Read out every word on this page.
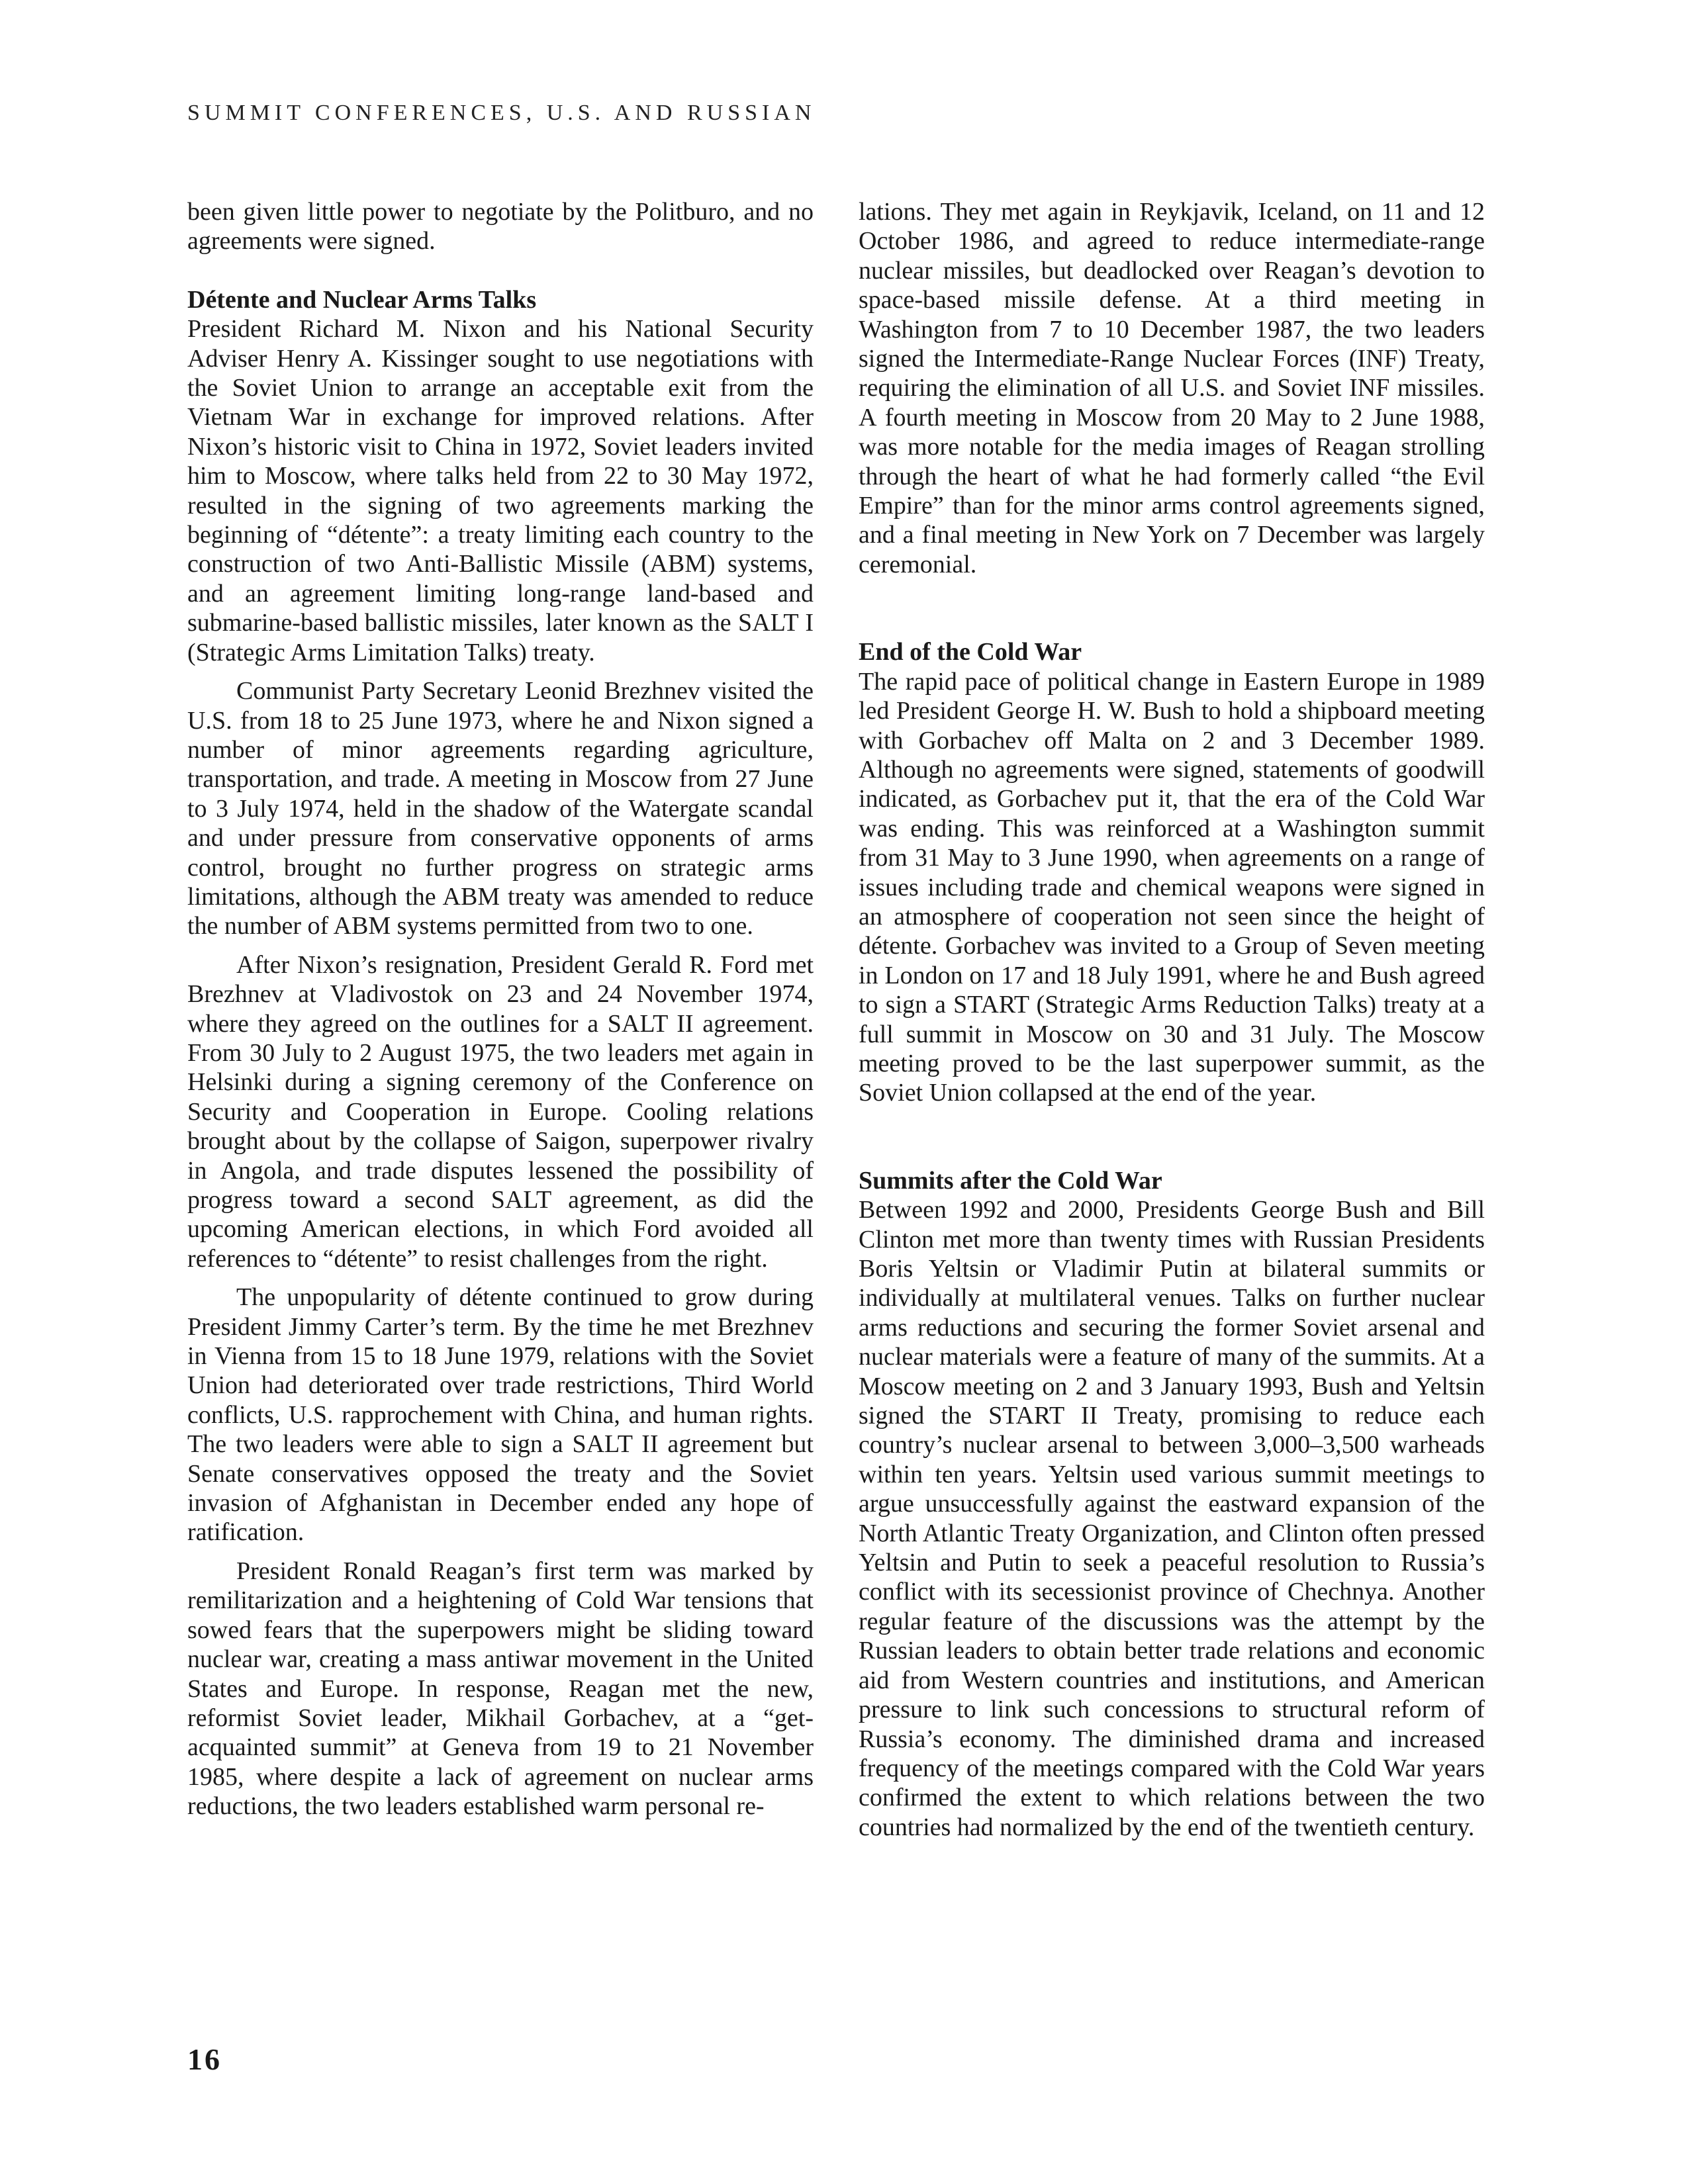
SUMMIT CONFERENCES, U.S. AND RUSSIAN

been given little power to negotiate by the Politburo, and no agreements were signed.

Détente and Nuclear Arms Talks

President Richard M. Nixon and his National Security Adviser Henry A. Kissinger sought to use negotiations with the Soviet Union to arrange an acceptable exit from the Vietnam War in exchange for improved relations. After Nixon’s historic visit to China in 1972, Soviet leaders invited him to Moscow, where talks held from 22 to 30 May 1972, resulted in the signing of two agreements marking the beginning of “détente”: a treaty limiting each country to the construction of two Anti-Ballistic Missile (ABM) systems, and an agreement limiting long-range land-based and submarine-based ballistic missiles, later known as the SALT I (Strategic Arms Limitation Talks) treaty.

Communist Party Secretary Leonid Brezhnev visited the U.S. from 18 to 25 June 1973, where he and Nixon signed a number of minor agreements regarding agriculture, transportation, and trade. A meeting in Moscow from 27 June to 3 July 1974, held in the shadow of the Watergate scandal and under pressure from conservative opponents of arms control, brought no further progress on strategic arms limitations, although the ABM treaty was amended to reduce the number of ABM systems permitted from two to one.

After Nixon’s resignation, President Gerald R. Ford met Brezhnev at Vladivostok on 23 and 24 November 1974, where they agreed on the outlines for a SALT II agreement. From 30 July to 2 August 1975, the two leaders met again in Helsinki during a signing ceremony of the Conference on Security and Cooperation in Europe. Cooling relations brought about by the collapse of Saigon, superpower rivalry in Angola, and trade disputes lessened the possibility of progress toward a second SALT agreement, as did the upcoming American elections, in which Ford avoided all references to “détente” to resist challenges from the right.

The unpopularity of détente continued to grow during President Jimmy Carter’s term. By the time he met Brezhnev in Vienna from 15 to 18 June 1979, relations with the Soviet Union had deteriorated over trade restrictions, Third World conflicts, U.S. rapprochement with China, and human rights. The two leaders were able to sign a SALT II agreement but Senate conservatives opposed the treaty and the Soviet invasion of Afghanistan in December ended any hope of ratification.

President Ronald Reagan’s first term was marked by remilitarization and a heightening of Cold War tensions that sowed fears that the superpowers might be sliding toward nuclear war, creating a mass antiwar movement in the United States and Europe. In response, Reagan met the new, reformist Soviet leader, Mikhail Gorbachev, at a “get-acquainted summit” at Geneva from 19 to 21 November 1985, where despite a lack of agreement on nuclear arms reductions, the two leaders established warm personal re-

lations. They met again in Reykjavik, Iceland, on 11 and 12 October 1986, and agreed to reduce intermediate-range nuclear missiles, but deadlocked over Reagan’s devotion to space-based missile defense. At a third meeting in Washington from 7 to 10 December 1987, the two leaders signed the Intermediate-Range Nuclear Forces (INF) Treaty, requiring the elimination of all U.S. and Soviet INF missiles. A fourth meeting in Moscow from 20 May to 2 June 1988, was more notable for the media images of Reagan strolling through the heart of what he had formerly called “the Evil Empire” than for the minor arms control agreements signed, and a final meeting in New York on 7 December was largely ceremonial.

End of the Cold War

The rapid pace of political change in Eastern Europe in 1989 led President George H. W. Bush to hold a shipboard meeting with Gorbachev off Malta on 2 and 3 December 1989. Although no agreements were signed, statements of goodwill indicated, as Gorbachev put it, that the era of the Cold War was ending. This was reinforced at a Washington summit from 31 May to 3 June 1990, when agreements on a range of issues including trade and chemical weapons were signed in an atmosphere of cooperation not seen since the height of détente. Gorbachev was invited to a Group of Seven meeting in London on 17 and 18 July 1991, where he and Bush agreed to sign a START (Strategic Arms Reduction Talks) treaty at a full summit in Moscow on 30 and 31 July. The Moscow meeting proved to be the last superpower summit, as the Soviet Union collapsed at the end of the year.

Summits after the Cold War

Between 1992 and 2000, Presidents George Bush and Bill Clinton met more than twenty times with Russian Presidents Boris Yeltsin or Vladimir Putin at bilateral summits or individually at multilateral venues. Talks on further nuclear arms reductions and securing the former Soviet arsenal and nuclear materials were a feature of many of the summits. At a Moscow meeting on 2 and 3 January 1993, Bush and Yeltsin signed the START II Treaty, promising to reduce each country’s nuclear arsenal to between 3,000–3,500 warheads within ten years. Yeltsin used various summit meetings to argue unsuccessfully against the eastward expansion of the North Atlantic Treaty Organization, and Clinton often pressed Yeltsin and Putin to seek a peaceful resolution to Russia’s conflict with its secessionist province of Chechnya. Another regular feature of the discussions was the attempt by the Russian leaders to obtain better trade relations and economic aid from Western countries and institutions, and American pressure to link such concessions to structural reform of Russia’s economy. The diminished drama and increased frequency of the meetings compared with the Cold War years confirmed the extent to which relations between the two countries had normalized by the end of the twentieth century.

16
